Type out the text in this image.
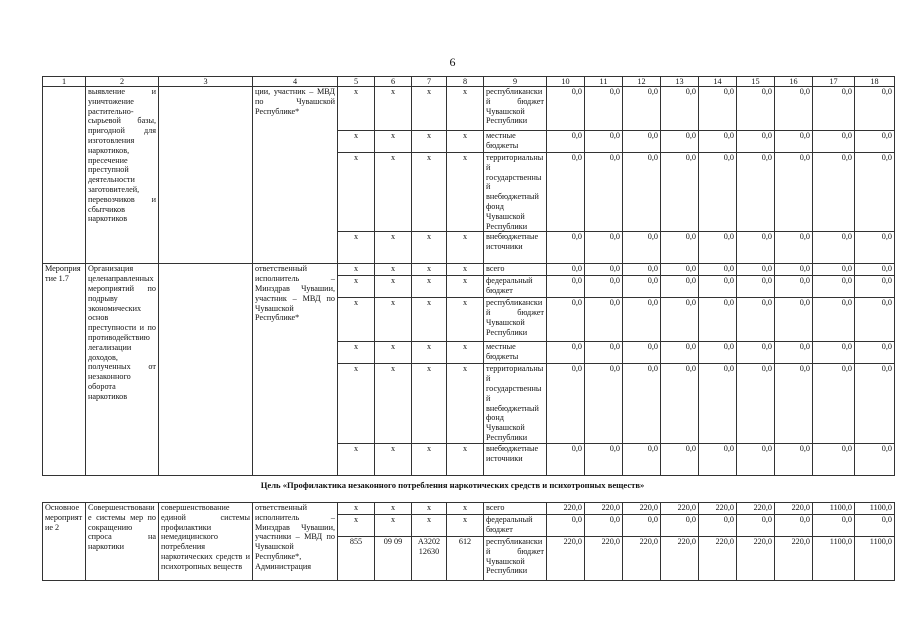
6
1	2	3	4	5	6	7	8	9	10	11	12	13	14	15	16	17	18
	выявление и уничтожение растительно-сырьевой базы, пригодной для изготовления наркотиков, пресечение преступной деятельности заготовителей, перевозчиков и сбытчиков наркотиков		ции, участник – МВД по Чувашской Республике*	x	x	x	x	республиканский бюджет Чувашской Республики	0,0	0,0	0,0	0,0	0,0	0,0	0,0	0,0	0,0
				x	x	x	x	местные бюджеты	0,0	0,0	0,0	0,0	0,0	0,0	0,0	0,0	0,0
				x	x	x	x	территориальный государственный внебюджетный фонд Чувашской Республики	0,0	0,0	0,0	0,0	0,0	0,0	0,0	0,0	0,0
				x	x	x	x	внебюджетные источники	0,0	0,0	0,0	0,0	0,0	0,0	0,0	0,0	0,0
Мероприятие 1.7	Организация целенаправленных мероприятий по подрыву экономических основ преступности и по противодействию легализации доходов, полученных от незаконного оборота наркотиков		ответственный исполнитель – Минздрав Чувашии, участник – МВД по Чувашской Республике*	x	x	x	x	всего	0,0	0,0	0,0	0,0	0,0	0,0	0,0	0,0	0,0
				x	x	x	x	федеральный бюджет	0,0	0,0	0,0	0,0	0,0	0,0	0,0	0,0	0,0
				x	x	x	x	республиканский бюджет Чувашской Республики	0,0	0,0	0,0	0,0	0,0	0,0	0,0	0,0	0,0
				x	x	x	x	местные бюджеты	0,0	0,0	0,0	0,0	0,0	0,0	0,0	0,0	0,0
				x	x	x	x	территориальный государственный внебюджетный фонд Чувашской Республики	0,0	0,0	0,0	0,0	0,0	0,0	0,0	0,0	0,0
				x	x	x	x	внебюджетные источники	0,0	0,0	0,0	0,0	0,0	0,0	0,0	0,0	0,0
Цель «Профилактика незаконного потребления наркотических средств и психотропных веществ»
Основное мероприятие 2	Совершенствование системы мер по сокращению спроса на наркотики	совершенствование единой системы профилактики немедицинского потребления наркотических средств и психотропных веществ	ответственный исполнитель – Минздрав Чувашии, участники – МВД по Чувашской Республике*, Администрация	x	x	x	x	всего	220,0	220,0	220,0	220,0	220,0	220,0	220,0	1100,0	1100,0
				x	x	x	x	федеральный бюджет	0,0	0,0	0,0	0,0	0,0	0,0	0,0	0,0	0,0
				855	09 09	А3202 12630	612	республиканский бюджет Чувашской Республики	220,0	220,0	220,0	220,0	220,0	220,0	220,0	1100,0	1100,0
